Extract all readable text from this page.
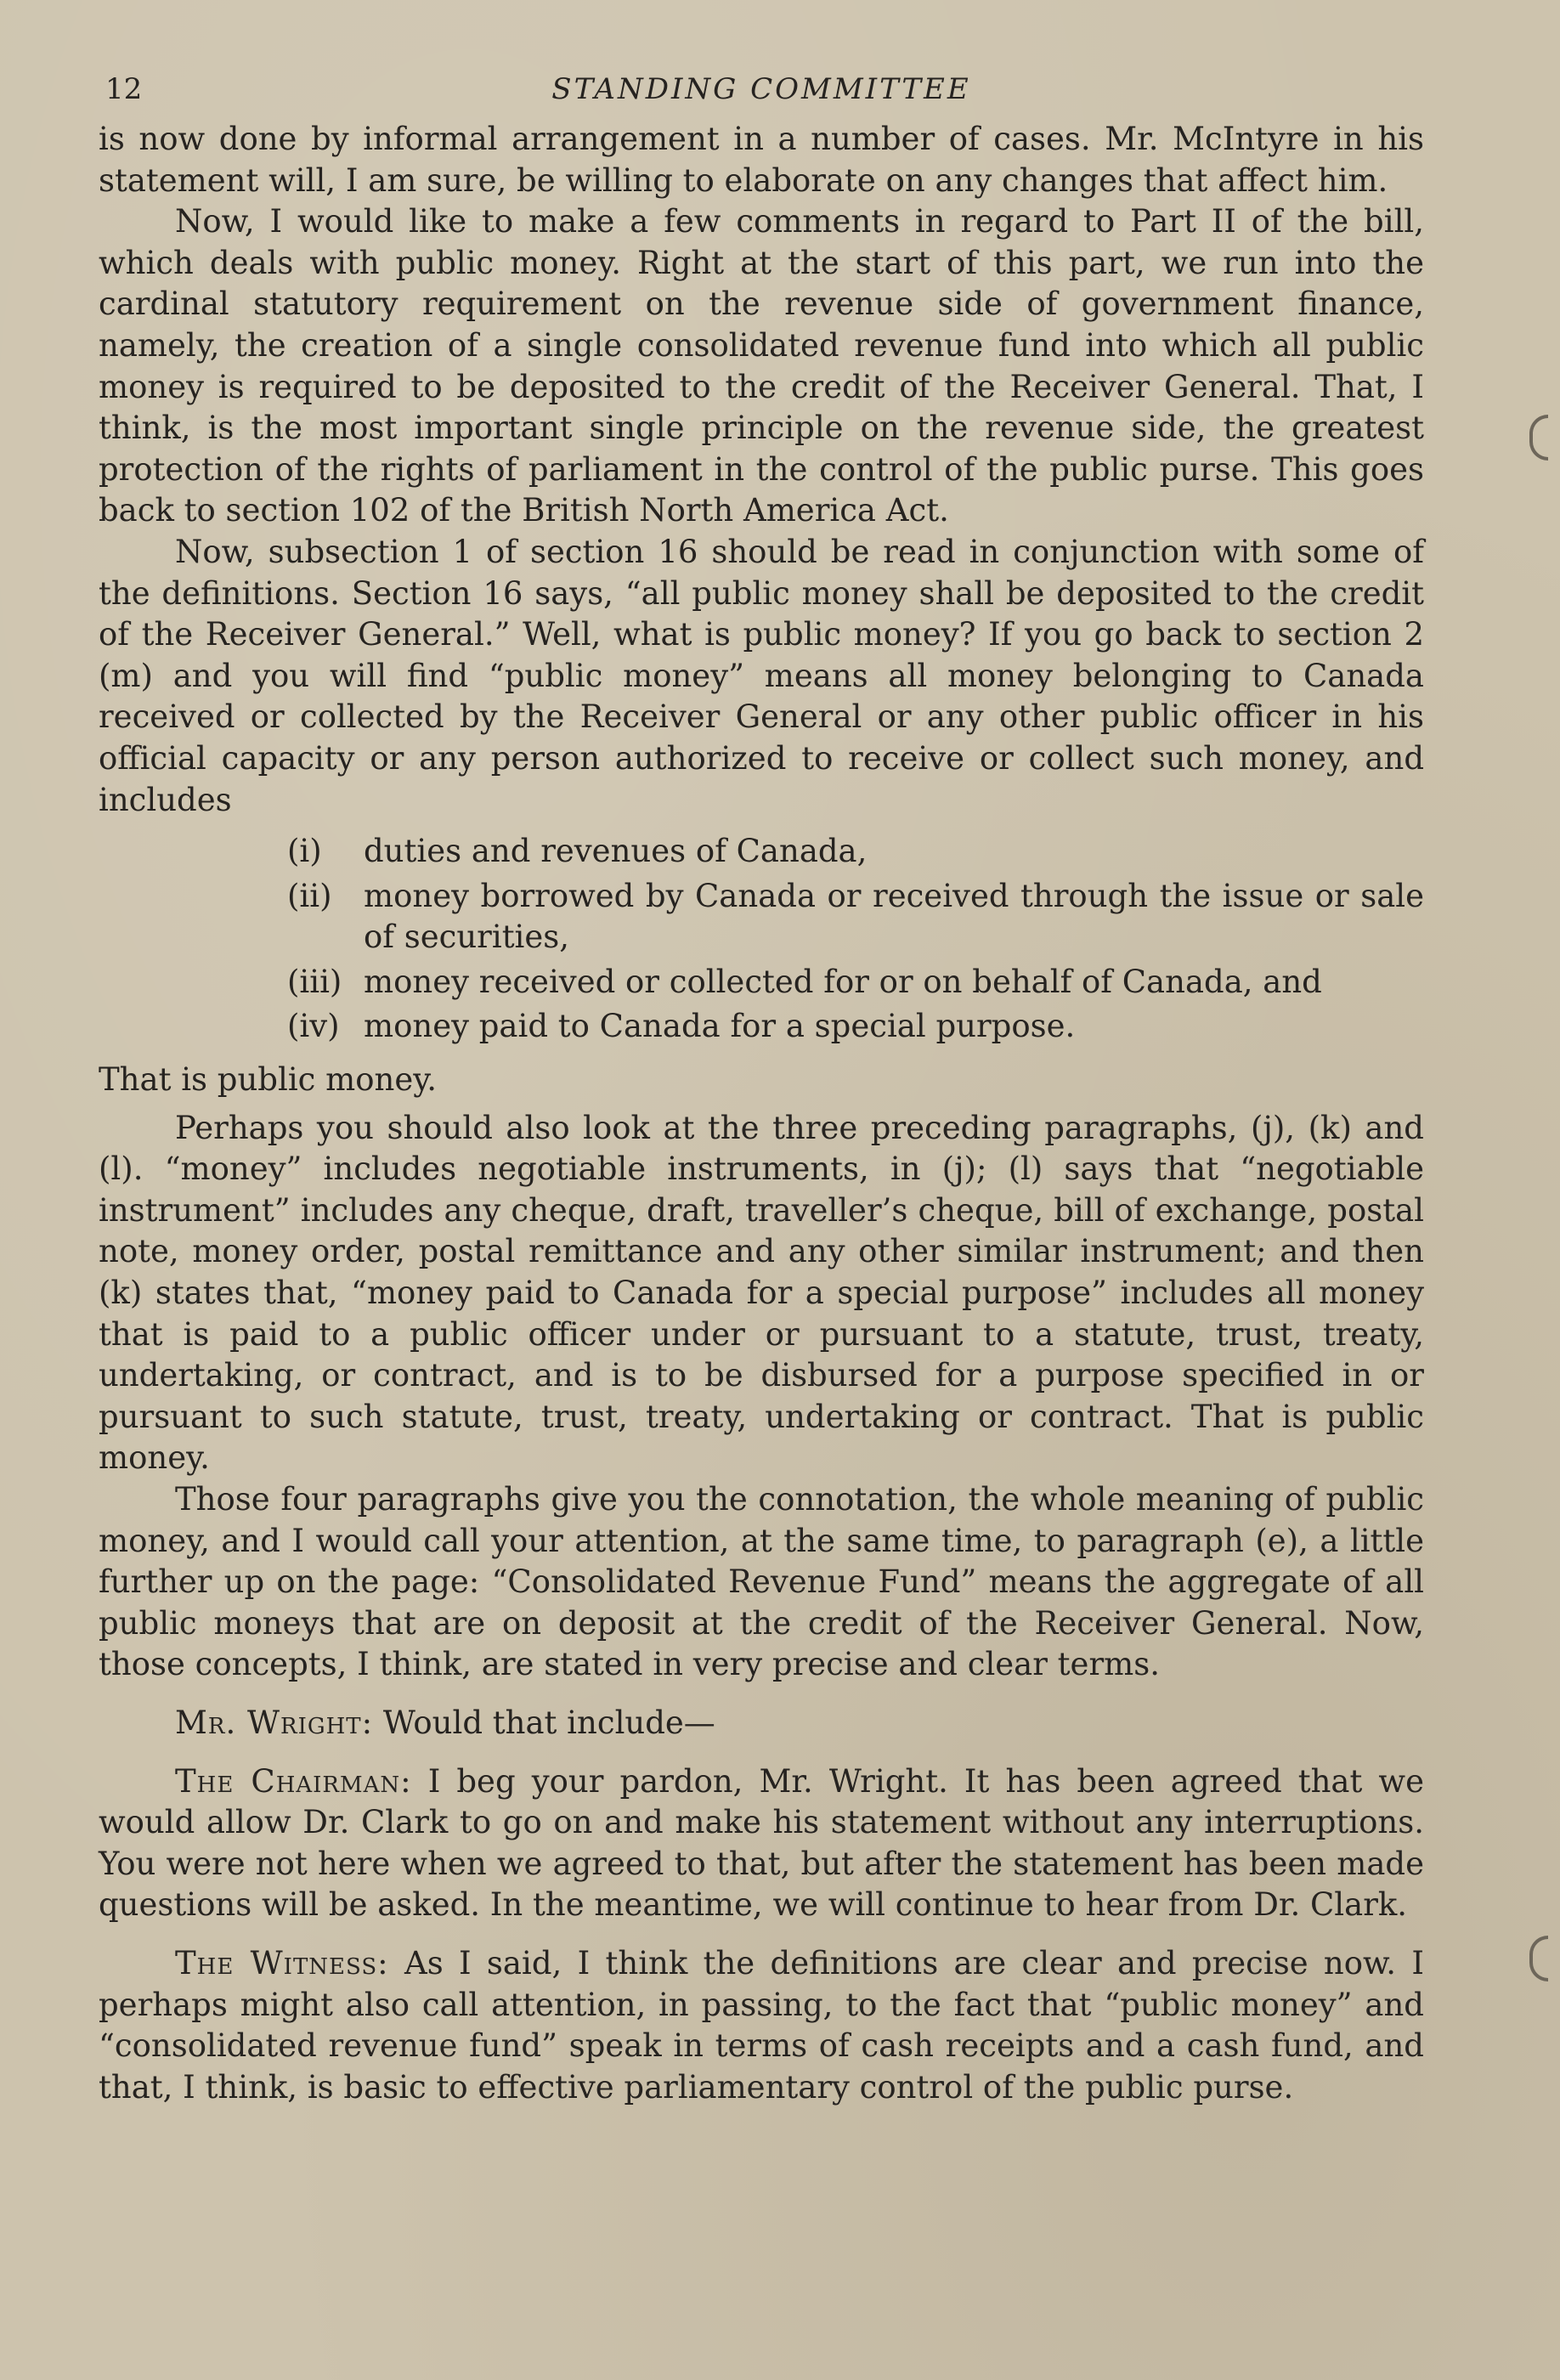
12	STANDING COMMITTEE

is now done by informal arrangement in a number of cases. Mr. McIntyre in his statement will, I am sure, be willing to elaborate on any changes that affect him.

Now, I would like to make a few comments in regard to Part II of the bill, which deals with public money. Right at the start of this part, we run into the cardinal statutory requirement on the revenue side of government finance, namely, the creation of a single consolidated revenue fund into which all public money is required to be deposited to the credit of the Receiver General. That, I think, is the most important single principle on the revenue side, the greatest protection of the rights of parliament in the control of the public purse. This goes back to section 102 of the British North America Act.

Now, subsection 1 of section 16 should be read in conjunction with some of the definitions. Section 16 says, “all public money shall be deposited to the credit of the Receiver General.” Well, what is public money? If you go back to section 2 (m) and you will find “public money” means all money belonging to Canada received or collected by the Receiver General or any other public officer in his official capacity or any person authorized to receive or collect such money, and includes

(i) duties and revenues of Canada,
(ii) money borrowed by Canada or received through the issue or sale of securities,
(iii) money received or collected for or on behalf of Canada, and
(iv) money paid to Canada for a special purpose.

That is public money.

Perhaps you should also look at the three preceding paragraphs, (j), (k) and (l). “money” includes negotiable instruments, in (j); (l) says that “negotiable instrument” includes any cheque, draft, traveller’s cheque, bill of exchange, postal note, money order, postal remittance and any other similar instrument; and then (k) states that, “money paid to Canada for a special purpose” includes all money that is paid to a public officer under or pursuant to a statute, trust, treaty, undertaking, or contract, and is to be disbursed for a purpose specified in or pursuant to such statute, trust, treaty, undertaking or contract. That is public money.

Those four paragraphs give you the connotation, the whole meaning of public money, and I would call your attention, at the same time, to paragraph (e), a little further up on the page: “Consolidated Revenue Fund” means the aggregate of all public moneys that are on deposit at the credit of the Receiver General. Now, those concepts, I think, are stated in very precise and clear terms.

Mr. Wright: Would that include—

The Chairman: I beg your pardon, Mr. Wright. It has been agreed that we would allow Dr. Clark to go on and make his statement without any interruptions. You were not here when we agreed to that, but after the statement has been made questions will be asked. In the meantime, we will continue to hear from Dr. Clark.

The Witness: As I said, I think the definitions are clear and precise now. I perhaps might also call attention, in passing, to the fact that “public money” and “consolidated revenue fund” speak in terms of cash receipts and a cash fund, and that, I think, is basic to effective parliamentary control of the public purse.
